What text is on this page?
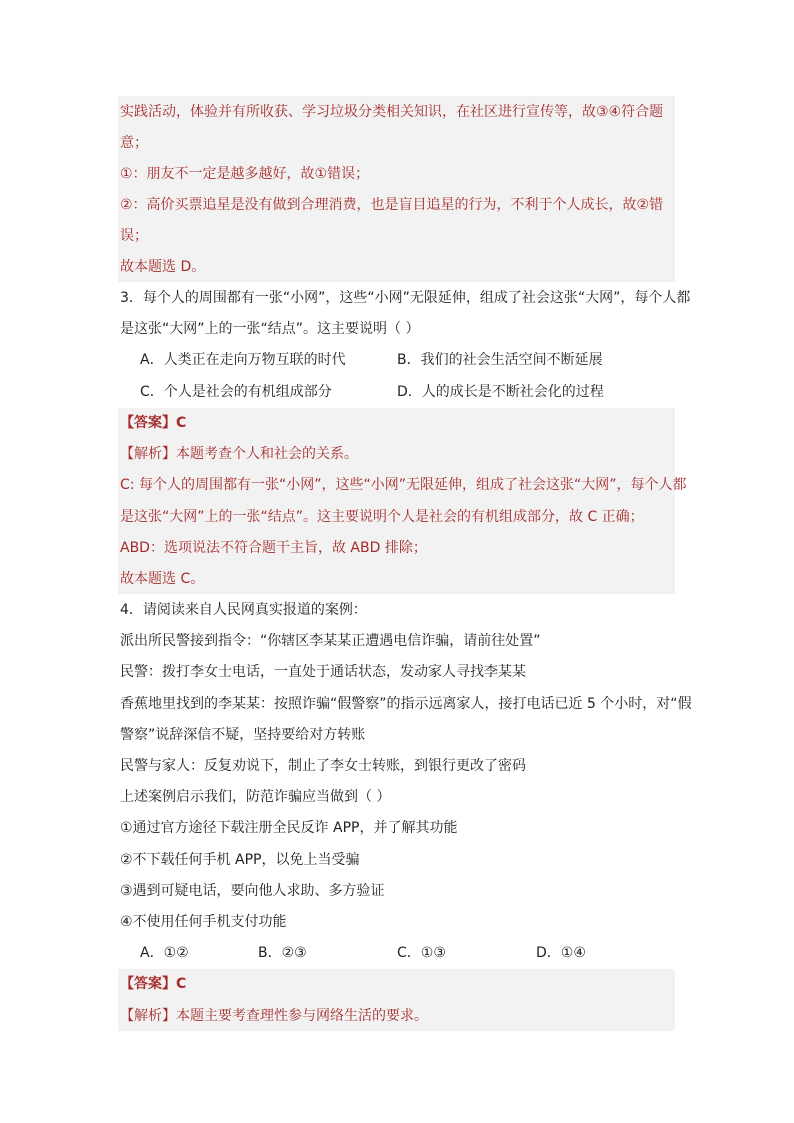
实践活动，体验并有所收获、学习垃圾分类相关知识，在社区进行宣传等，故③④符合题
意；
①：朋友不一定是越多越好，故①错误；
②：高价买票追星是没有做到合理消费，也是盲目追星的行为，不利于个人成长，故②错
误；
故本题选 D。
3．每个人的周围都有一张“小网”，这些“小网”无限延伸，组成了社会这张“大网”，每个人都
是这张“大网”上的一张“结点”。这主要说明（ ）
A．人类正在走向万物互联的时代	B．我们的社会生活空间不断延展
C．个人是社会的有机组成部分	D．人的成长是不断社会化的过程
【答案】C
【解析】本题考查个人和社会的关系。
C: 每个人的周围都有一张“小网”，这些“小网”无限延伸，组成了社会这张“大网”，每个人都
是这张“大网”上的一张“结点”。这主要说明个人是社会的有机组成部分，故 C 正确；
ABD：选项说法不符合题干主旨，故 ABD 排除；
故本题选 C。
4．请阅读来自人民网真实报道的案例：
派出所民警接到指令：“你辖区李某某正遭遇电信诈骗，请前往处置”
民警：拨打李女士电话，一直处于通话状态，发动家人寻找李某某
香蕉地里找到的李某某：按照诈骗“假警察”的指示远离家人，接打电话已近 5 个小时，对“假
警察”说辞深信不疑，坚持要给对方转账
民警与家人：反复劝说下，制止了李女士转账，到银行更改了密码
上述案例启示我们，防范诈骗应当做到（ ）
①通过官方途径下载注册全民反诈 APP，并了解其功能
②不下载任何手机 APP，以免上当受骗
③遇到可疑电话，要向他人求助、多方验证
④不使用任何手机支付功能
A．①②	B．②③	C．①③	D．①④
【答案】C
【解析】本题主要考查理性参与网络生活的要求。
